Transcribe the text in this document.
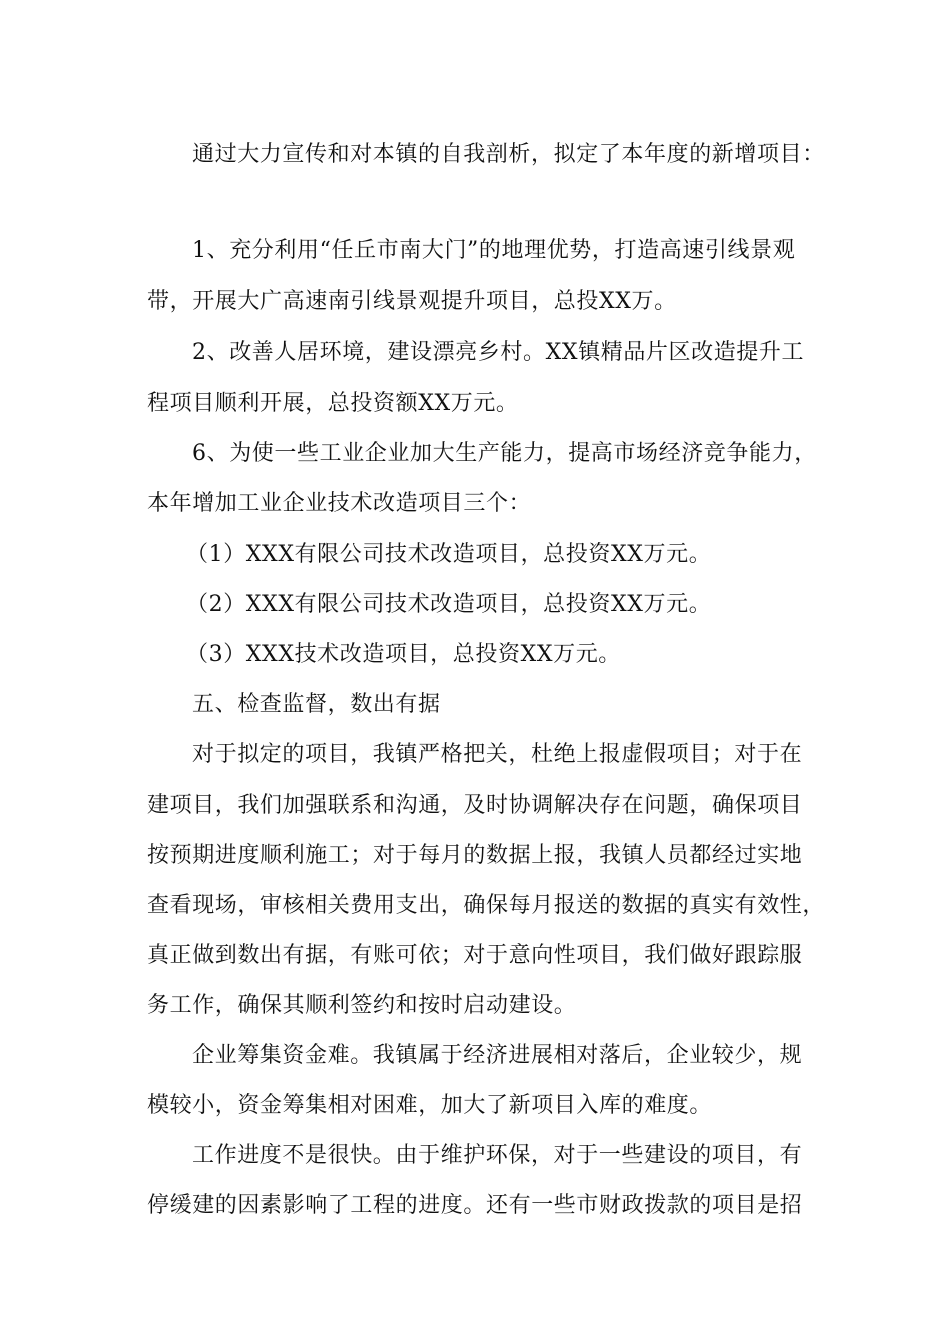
通过大力宣传和对本镇的自我剖析，拟定了本年度的新增项目：
1、充分利用“任丘市南大门”的地理优势，打造高速引线景观
带，开展大广高速南引线景观提升项目，总投XX万。
2、改善人居环境，建设漂亮乡村。XX镇精品片区改造提升工
程项目顺利开展，总投资额XX万元。
6、为使一些工业企业加大生产能力，提高市场经济竞争能力，
本年增加工业企业技术改造项目三个：
（1）XXX有限公司技术改造项目，总投资XX万元。
（2）XXX有限公司技术改造项目，总投资XX万元。
（3）XXX技术改造项目，总投资XX万元。
五、检查监督，数出有据
对于拟定的项目，我镇严格把关，杜绝上报虚假项目；对于在
建项目，我们加强联系和沟通，及时协调解决存在问题，确保项目
按预期进度顺利施工；对于每月的数据上报，我镇人员都经过实地
查看现场，审核相关费用支出，确保每月报送的数据的真实有效性，
真正做到数出有据，有账可依；对于意向性项目，我们做好跟踪服
务工作，确保其顺利签约和按时启动建设。
企业筹集资金难。我镇属于经济进展相对落后，企业较少，规
模较小，资金筹集相对困难，加大了新项目入库的难度。
工作进度不是很快。由于维护环保，对于一些建设的项目，有
停缓建的因素影响了工程的进度。还有一些市财政拨款的项目是招
